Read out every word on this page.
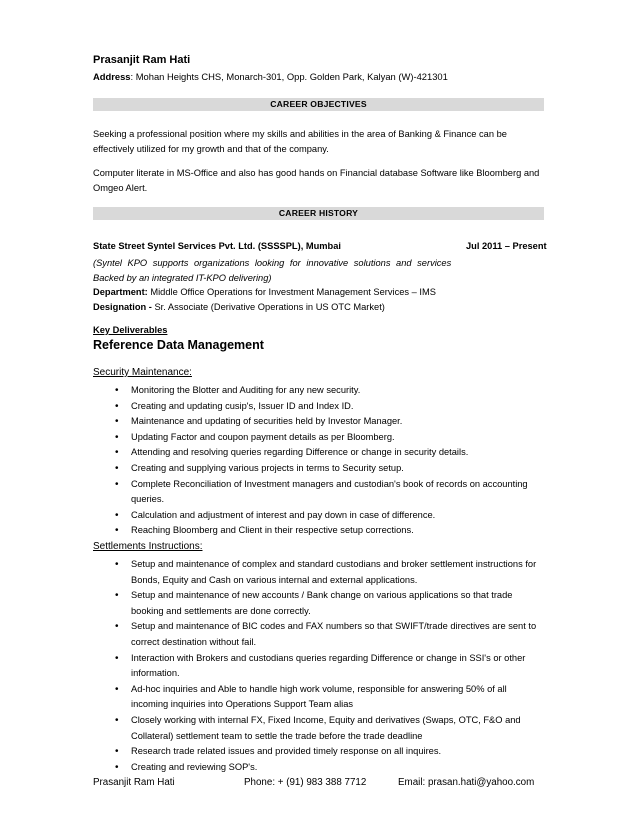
Prasanjit Ram Hati
Address: Mohan Heights CHS, Monarch-301, Opp. Golden Park, Kalyan (W)-421301
CAREER OBJECTIVES
Seeking a professional position where my skills and abilities in the area of Banking & Finance can be effectively utilized for my growth and that of the company.
Computer literate in MS-Office and also has good hands on Financial database Software like Bloomberg and Omgeo Alert.
CAREER HISTORY
State Street Syntel Services Pvt. Ltd. (SSSSPL), Mumbai	Jul 2011 – Present
(Syntel KPO supports organizations looking for innovative solutions and services
Backed by an integrated IT-KPO delivering)
Department: Middle Office Operations for Investment Management Services – IMS
Designation - Sr. Associate (Derivative Operations in US OTC Market)
Key Deliverables
Reference Data Management
Security Maintenance:
• Monitoring the Blotter and Auditing for any new security.
• Creating and updating cusip's, Issuer ID and Index ID.
• Maintenance and updating of securities held by Investor Manager.
• Updating Factor and coupon payment details as per Bloomberg.
• Attending and resolving queries regarding Difference or change in security details.
• Creating and supplying various projects in terms to Security setup.
• Complete Reconciliation of Investment managers and custodian's book of records on accounting queries.
• Calculation and adjustment of interest and pay down in case of difference.
• Reaching Bloomberg and Client in their respective setup corrections.
Settlements Instructions:
• Setup and maintenance of complex and standard custodians and broker settlement instructions for Bonds, Equity and Cash on various internal and external applications.
• Setup and maintenance of new accounts / Bank change on various applications so that trade booking and settlements are done correctly.
• Setup and maintenance of BIC codes and FAX numbers so that SWIFT/trade directives are sent to correct destination without fail.
• Interaction with Brokers and custodians queries regarding Difference or change in SSI's or other information.
• Ad-hoc inquiries and Able to handle high work volume, responsible for answering 50% of all incoming inquiries into Operations Support Team alias
• Closely working with internal FX, Fixed Income, Equity and derivatives (Swaps, OTC, F&O and Collateral) settlement team to settle the trade before the trade deadline
• Research trade related issues and provided timely response on all inquires.
• Creating and reviewing SOP's.
Prasanjit Ram Hati	Phone: + (91) 983 388 7712	Email: prasan.hati@yahoo.com
